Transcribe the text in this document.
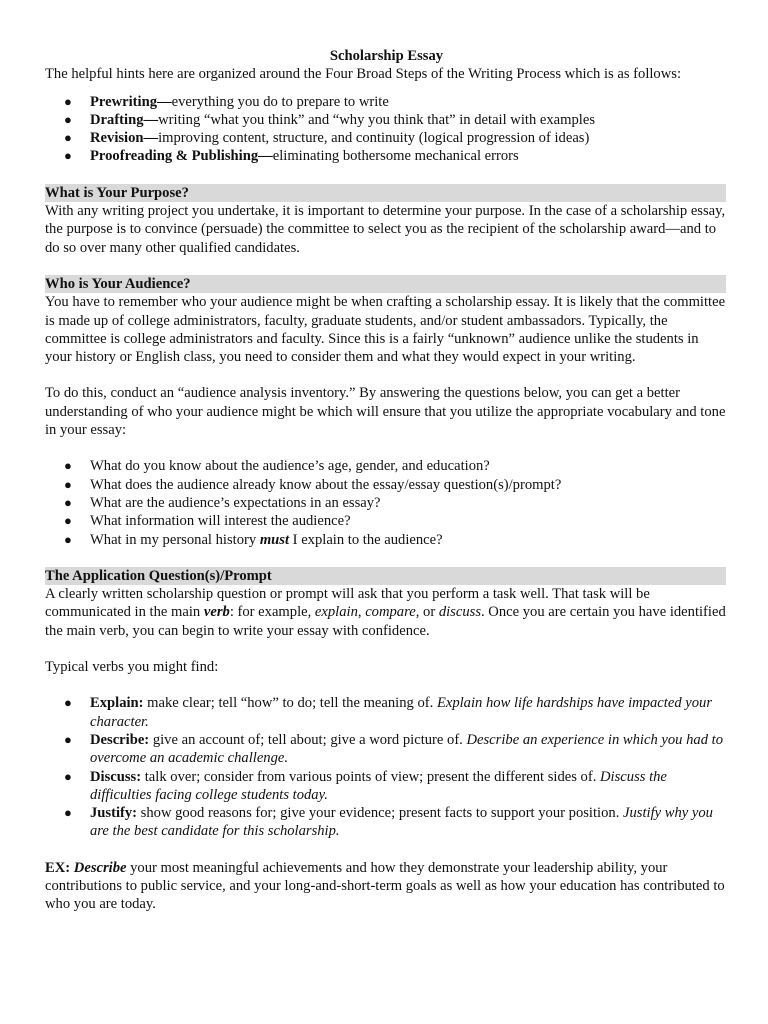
Scholarship Essay

The helpful hints here are organized around the Four Broad Steps of the Writing Process which is as follows:

● Prewriting—everything you do to prepare to write
● Drafting—writing “what you think” and “why you think that” in detail with examples
● Revision—improving content, structure, and continuity (logical progression of ideas)
● Proofreading & Publishing—eliminating bothersome mechanical errors

What is Your Purpose?

With any writing project you undertake, it is important to determine your purpose. In the case of a scholarship essay, the purpose is to convince (persuade) the committee to select you as the recipient of the scholarship award—and to do so over many other qualified candidates.

Who is Your Audience?

You have to remember who your audience might be when crafting a scholarship essay. It is likely that the committee is made up of college administrators, faculty, graduate students, and/or student ambassadors. Typically, the committee is college administrators and faculty. Since this is a fairly “unknown” audience unlike the students in your history or English class, you need to consider them and what they would expect in your writing.

To do this, conduct an “audience analysis inventory.” By answering the questions below, you can get a better understanding of who your audience might be which will ensure that you utilize the appropriate vocabulary and tone in your essay:

● What do you know about the audience’s age, gender, and education?
● What does the audience already know about the essay/essay question(s)/prompt?
● What are the audience’s expectations in an essay?
● What information will interest the audience?
● What in my personal history must I explain to the audience?

The Application Question(s)/Prompt

A clearly written scholarship question or prompt will ask that you perform a task well. That task will be communicated in the main verb: for example, explain, compare, or discuss. Once you are certain you have identified the main verb, you can begin to write your essay with confidence.

Typical verbs you might find:

● Explain: make clear; tell “how” to do; tell the meaning of. Explain how life hardships have impacted your character.
● Describe: give an account of; tell about; give a word picture of. Describe an experience in which you had to overcome an academic challenge.
● Discuss: talk over; consider from various points of view; present the different sides of. Discuss the difficulties facing college students today.
● Justify: show good reasons for; give your evidence; present facts to support your position. Justify why you are the best candidate for this scholarship.

EX: Describe your most meaningful achievements and how they demonstrate your leadership ability, your contributions to public service, and your long-and-short-term goals as well as how your education has contributed to who you are today.
